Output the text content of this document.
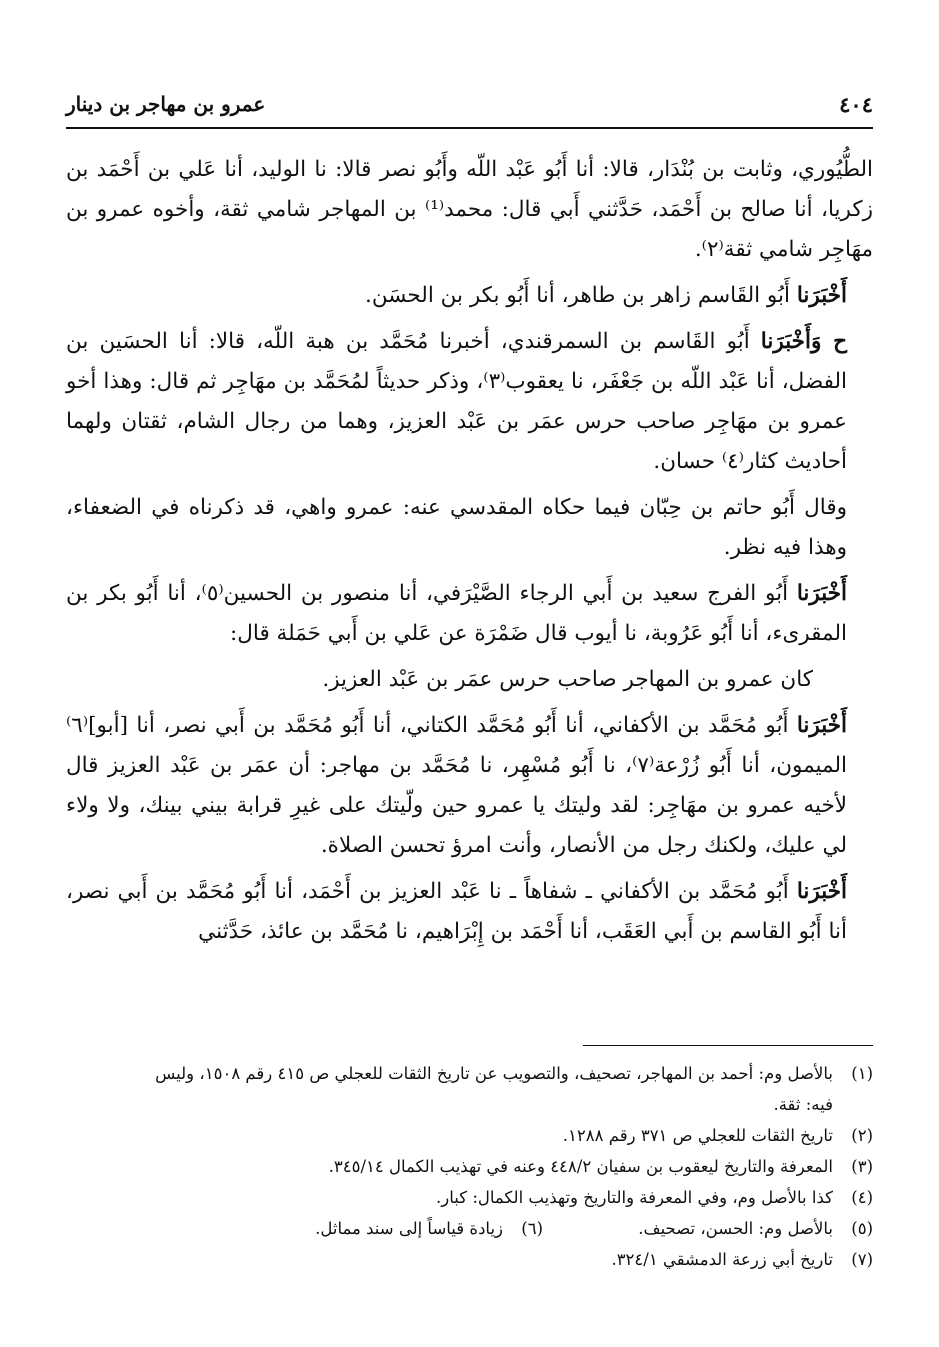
٤٠٤
عمرو بن مهاجر بن دينار

الطُّيُوري، وثابت بن بُنْدَار، قالا: أنا أَبُو عَبْد اللّه وأَبُو نصر قالا: نا الوليد، أنا عَلي بن أَحْمَد بن زكريا، أنا صالح بن أَحْمَد، حَدَّثني أَبي قال: محمد⁽¹⁾ بن المهاجر شامي ثقة، وأخوه عمرو بن مهَاجِر شامي ثقة⁽٢⁾.

أَخْبَرَنا أَبُو القَاسم زاهر بن طاهر، أنا أَبُو بكر بن الحسَن.

ح وَأَخْبَرَنا أَبُو القَاسم بن السمرقندي، أخبرنا مُحَمَّد بن هبة اللّه، قالا: أنا الحسَين بن الفضل، أنا عَبْد اللّه بن جَعْفَر، نا يعقوب⁽٣⁾، وذكر حديثاً لمُحَمَّد بن مهَاجِر ثم قال: وهذا أخو عمرو بن مهَاجِر صاحب حرس عمَر بن عَبْد العزيز، وهما من رجال الشام، ثقتان ولهما أحاديث كثار⁽٤⁾ حسان.

وقال أَبُو حاتم بن حِبّان فيما حكاه المقدسي عنه: عمرو واهي، قد ذكرناه في الضعفاء، وهذا فيه نظر.

أَخْبَرَنا أَبُو الفرج سعيد بن أَبي الرجاء الصَّيْرَفي، أنا منصور بن الحسين⁽٥⁾، أنا أَبُو بكر بن المقرىء، أنا أَبُو عَرُوبة، نا أيوب قال ضَمْرَة عن عَلي بن أَبي حَمَلة قال:

كان عمرو بن المهاجر صاحب حرس عمَر بن عَبْد العزيز.

أَخْبَرَنا أَبُو مُحَمَّد بن الأكفاني، أنا أَبُو مُحَمَّد الكتاني، أنا أَبُو مُحَمَّد بن أَبي نصر، أنا [أبو]⁽٦⁾ الميمون، أنا أَبُو زُرْعة⁽٧⁾، نا أَبُو مُسْهِر، نا مُحَمَّد بن مهاجر: أن عمَر بن عَبْد العزيز قال لأخيه عمرو بن مهَاجِر: لقد وليتك يا عمرو حين ولّيتك على غيرِ قرابة بيني بينك، ولا ولاء لي عليك، ولكنك رجل من الأنصار، وأنت امرؤ تحسن الصلاة.

أَخْبَرَنا أَبُو مُحَمَّد بن الأكفاني ـ شفاهاً ـ نا عَبْد العزيز بن أَحْمَد، أنا أَبُو مُحَمَّد بن أَبي نصر، أنا أَبُو القاسم بن أَبي العَقَب، أنا أَحْمَد بن إِبْرَاهيم، نا مُحَمَّد بن عائذ، حَدَّثني

(١)
بالأصل وم: أحمد بن المهاجر، تصحيف، والتصويب عن تاريخ الثقات للعجلي ص ٤١٥ رقم ١٥٠٨، وليس
فيه: ثقة.
(٢)
تاريخ الثقات للعجلي ص ٣٧١ رقم ١٢٨٨.
(٣)
المعرفة والتاريخ ليعقوب بن سفيان ٤٤٨/٢ وعنه في تهذيب الكمال ٣٤٥/١٤.
(٤)
كذا بالأصل وم، وفي المعرفة والتاريخ وتهذيب الكمال: كبار.
(٥)
بالأصل وم: الحسن، تصحيف.
(٦)
زيادة قياساً إلى سند مماثل.
(٧)
تاريخ أبي زرعة الدمشقي ٣٢٤/١.
